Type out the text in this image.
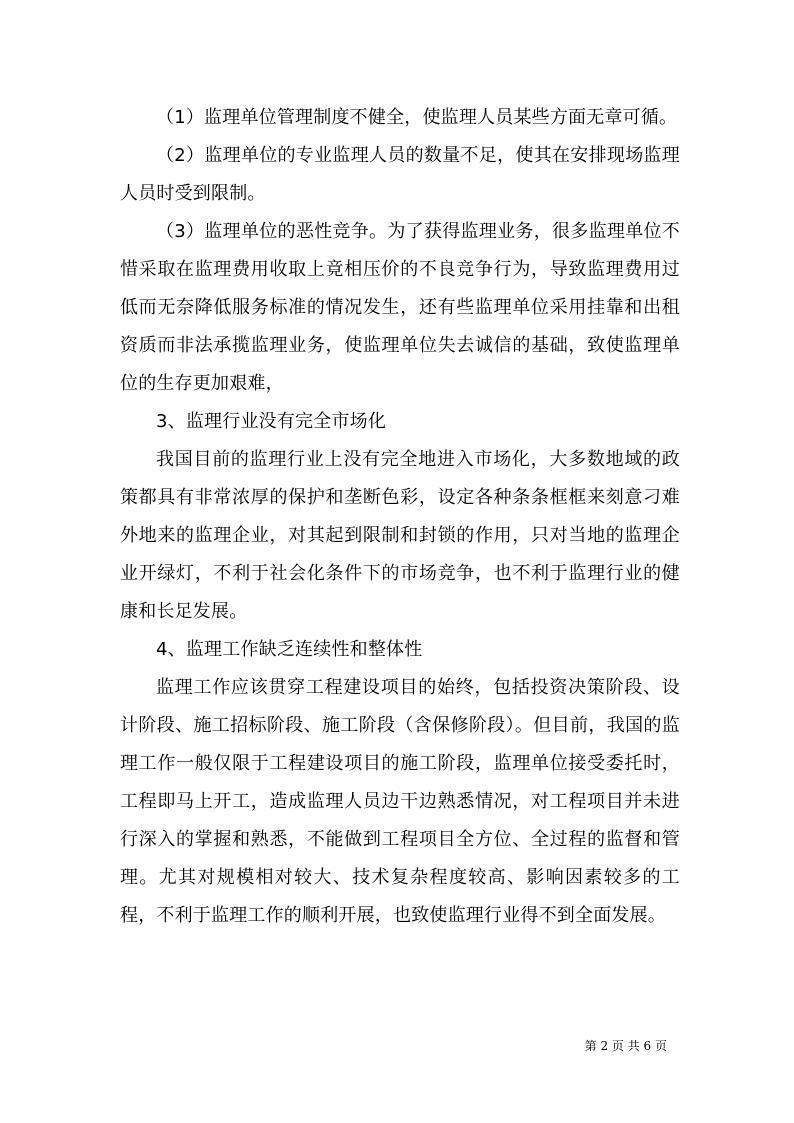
（1）监理单位管理制度不健全，使监理人员某些方面无章可循。

（2）监理单位的专业监理人员的数量不足，使其在安排现场监理人员时受到限制。

（3）监理单位的恶性竞争。为了获得监理业务，很多监理单位不惜采取在监理费用收取上竟相压价的不良竞争行为，导致监理费用过低而无奈降低服务标准的情况发生，还有些监理单位采用挂靠和出租资质而非法承揽监理业务，使监理单位失去诚信的基础，致使监理单位的生存更加艰难，

3、监理行业没有完全市场化

我国目前的监理行业上没有完全地进入市场化，大多数地域的政策都具有非常浓厚的保护和垄断色彩，设定各种条条框框来刻意刁难外地来的监理企业，对其起到限制和封锁的作用，只对当地的监理企业开绿灯，不利于社会化条件下的市场竞争，也不利于监理行业的健康和长足发展。

4、监理工作缺乏连续性和整体性

监理工作应该贯穿工程建设项目的始终，包括投资决策阶段、设计阶段、施工招标阶段、施工阶段（含保修阶段）。但目前，我国的监理工作一般仅限于工程建设项目的施工阶段，监理单位接受委托时，工程即马上开工，造成监理人员边干边熟悉情况，对工程项目并未进行深入的掌握和熟悉，不能做到工程项目全方位、全过程的监督和管理。尤其对规模相对较大、技术复杂程度较高、影响因素较多的工程，不利于监理工作的顺利开展，也致使监理行业得不到全面发展。

第 2 页 共 6 页
